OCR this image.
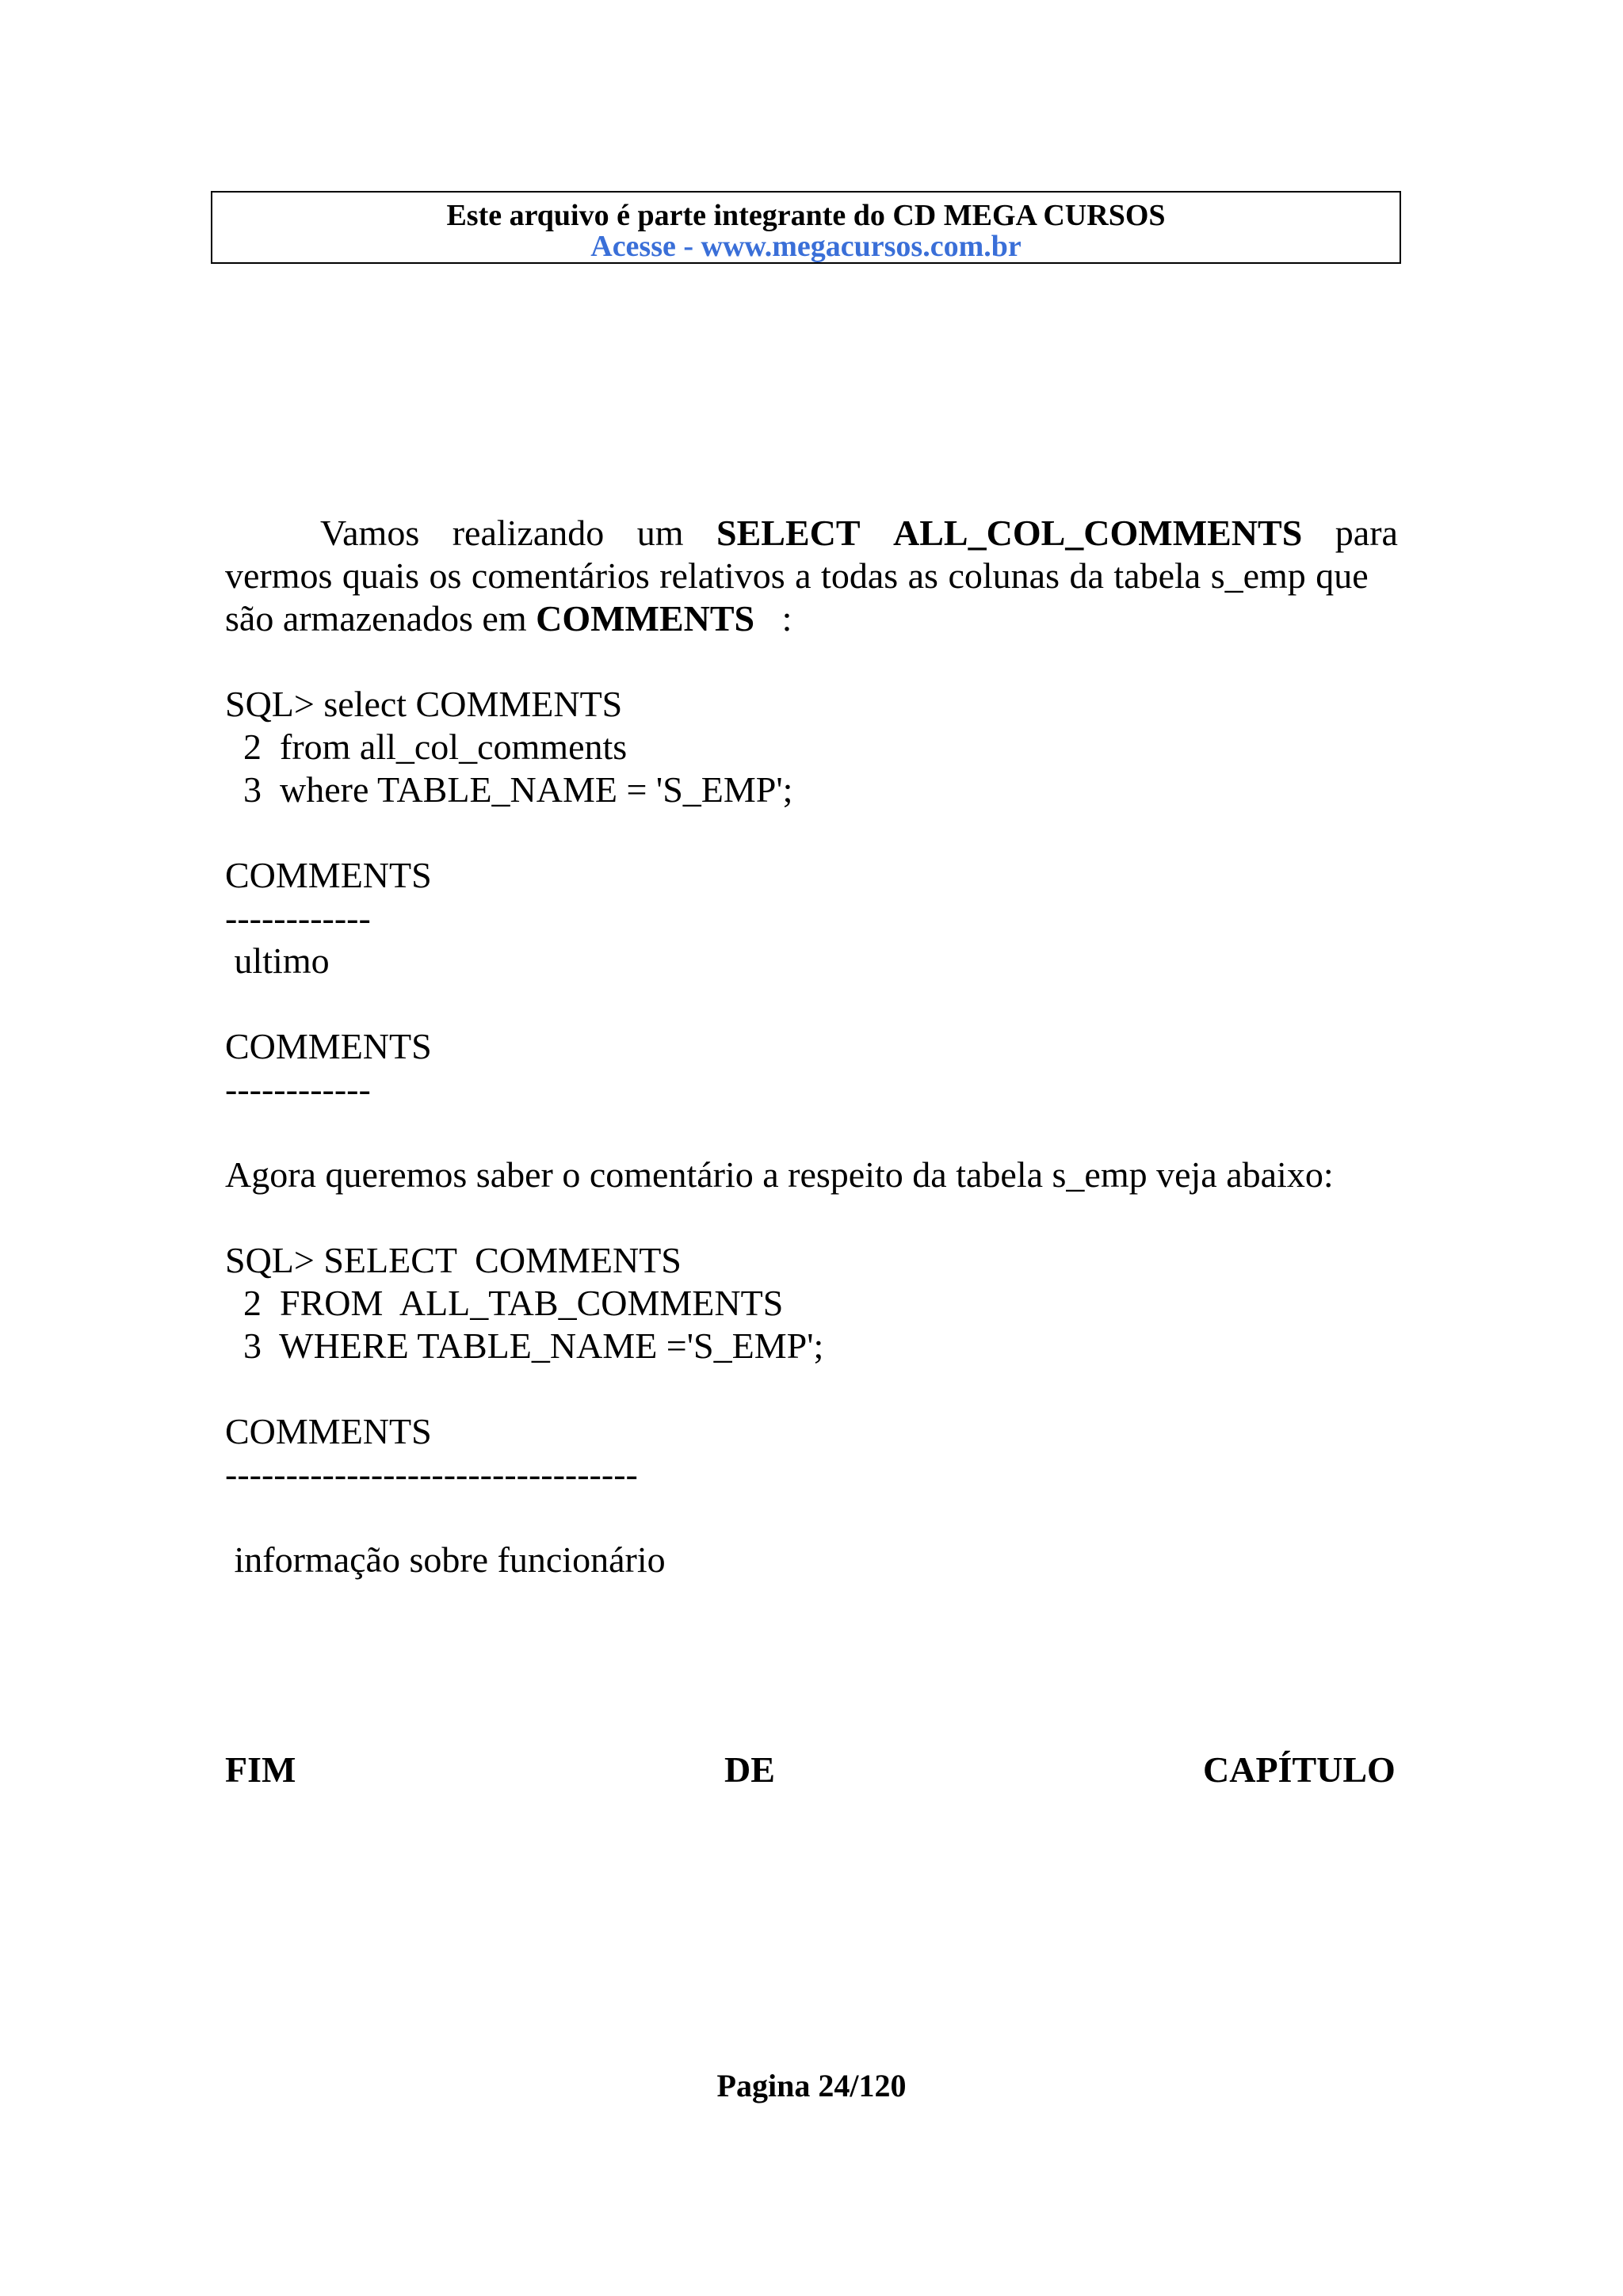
Este arquivo é parte integrante do CD MEGA CURSOS
Acesse - www.megacursos.com.br
Vamos realizando um SELECT ALL_COL_COMMENTS para
vermos quais os comentários relativos a todas as colunas da tabela s_emp que
são armazenados em COMMENTS   :
SQL> select COMMENTS
2  from all_col_comments
3  where TABLE_NAME = 'S_EMP';
COMMENTS
------------
ultimo
COMMENTS
------------
Agora queremos saber o comentário a respeito da tabela s_emp veja abaixo:
SQL> SELECT  COMMENTS
2  FROM  ALL_TAB_COMMENTS
3  WHERE TABLE_NAME ='S_EMP';
COMMENTS
----------------------------------
informação sobre funcionário
FIM	DE	CAPÍTULO
Pagina 24/120
